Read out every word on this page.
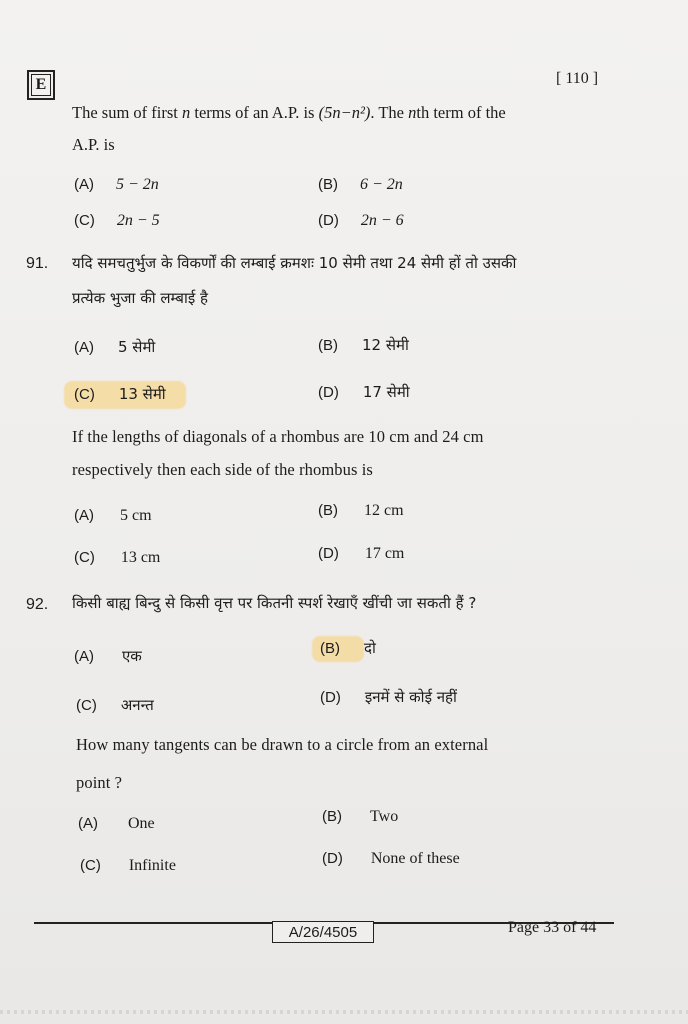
E	[ 110 ]
The sum of first n terms of an A.P. is (5n−n²). The nth term of the
A.P. is
(A) 5 − 2n	(B) 6 − 2n
(C) 2n − 5	(D) 2n − 6
91. यदि समचतुर्भुज के विकर्णों की लम्बाई क्रमशः 10 सेमी तथा 24 सेमी हों तो उसकी
प्रत्येक भुजा की लम्बाई है
(A) 5 सेमी	(B) 12 सेमी
(C) 13 सेमी	(D) 17 सेमी
If the lengths of diagonals of a rhombus are 10 cm and 24 cm
respectively then each side of the rhombus is
(A) 5 cm	(B) 12 cm
(C) 13 cm	(D) 17 cm
92. किसी बाह्य बिन्दु से किसी वृत्त पर कितनी स्पर्श रेखाएँ खींची जा सकती हैं ?
(A) एक	(B) दो
(C) अनन्त	(D) इनमें से कोई नहीं
How many tangents can be drawn to a circle from an external
point ?
(A) One	(B) Two
(C) Infinite	(D) None of these
A/26/4505	Page 33 of 44
